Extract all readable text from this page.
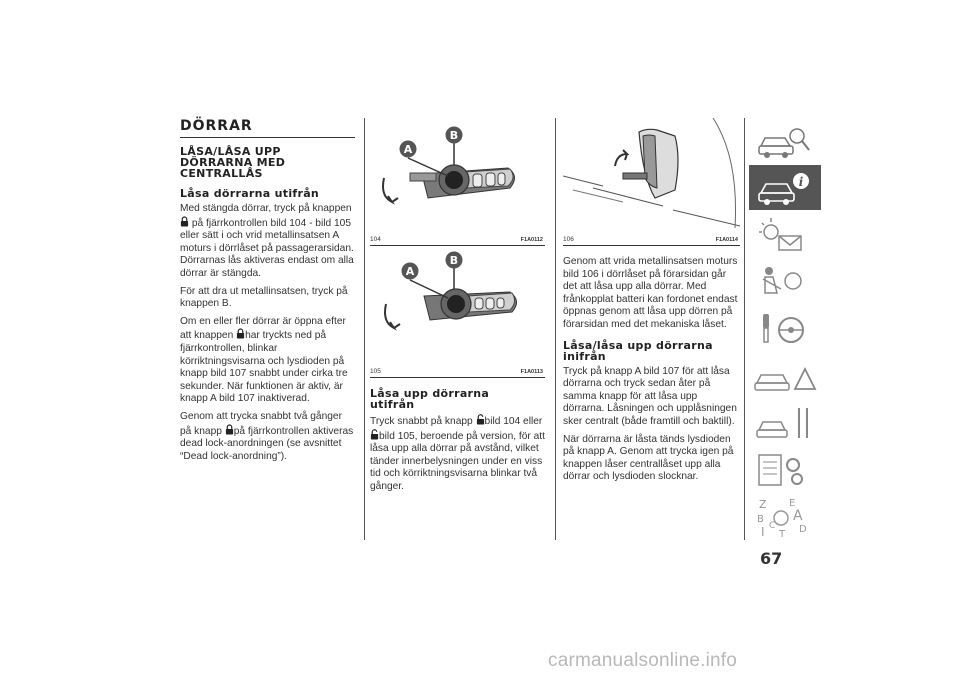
DÖRRAR
LÅSA/LÅSA UPP DÖRRARNA MED CENTRALLÅS
Låsa dörrarna utifrån

Med stängda dörrar, tryck på knappen
på fjärrkontrollen bild 104 - bild 105 eller sätt i och vrid metallinsatsen A moturs i dörrlåset på passagerarsidan. Dörrarnas lås aktiveras endast om alla dörrar är stängda.

För att dra ut metallinsatsen, tryck på knappen B.

Om en eller fler dörrar är öppna efter att knappen har tryckts ned på fjärrkontrollen, blinkar körriktningsvisarna och lysdioden på knapp bild 107 snabbt under cirka tre sekunder. När funktionen är aktiv, är knapp A bild 107 inaktiverad.

Genom att trycka snabbt två gånger på knapp på fjärrkontrollen aktiveras dead lock-anordningen (se avsnittet “Dead lock-anordning”).

A
B
104	F1A0112
A
B
105	F1A0113
Låsa upp dörrarna utifrån

Tryck snabbt på knapp bild 104 eller bild 105, beroende på version, för att låsa upp alla dörrar på avstånd, vilket tänder innerbelysningen under en viss tid och körriktningsvisarna blinkar två gånger.

106	F1A0114

Genom att vrida metallinsatsen moturs bild 106 i dörrlåset på förarsidan går det att låsa upp alla dörrar. Med frånkopplat batteri kan fordonet endast öppnas genom att låsa upp dörren på förarsidan med det mekaniska låset.

Låsa/låsa upp dörrarna inifrån

Tryck på knapp A bild 107 för att låsa dörrarna och tryck sedan åter på samma knapp för att låsa upp dörrarna. Låsningen och upplåsningen sker centralt (både framtill och baktill).

När dörrarna är låsta tänds lysdioden på knapp A. Genom att trycka igen på knappen låser centrallåset upp alla dörrar och lysdioden slocknar.

i
Z E
B A
I C
T D
67
carmanualsonline.info
